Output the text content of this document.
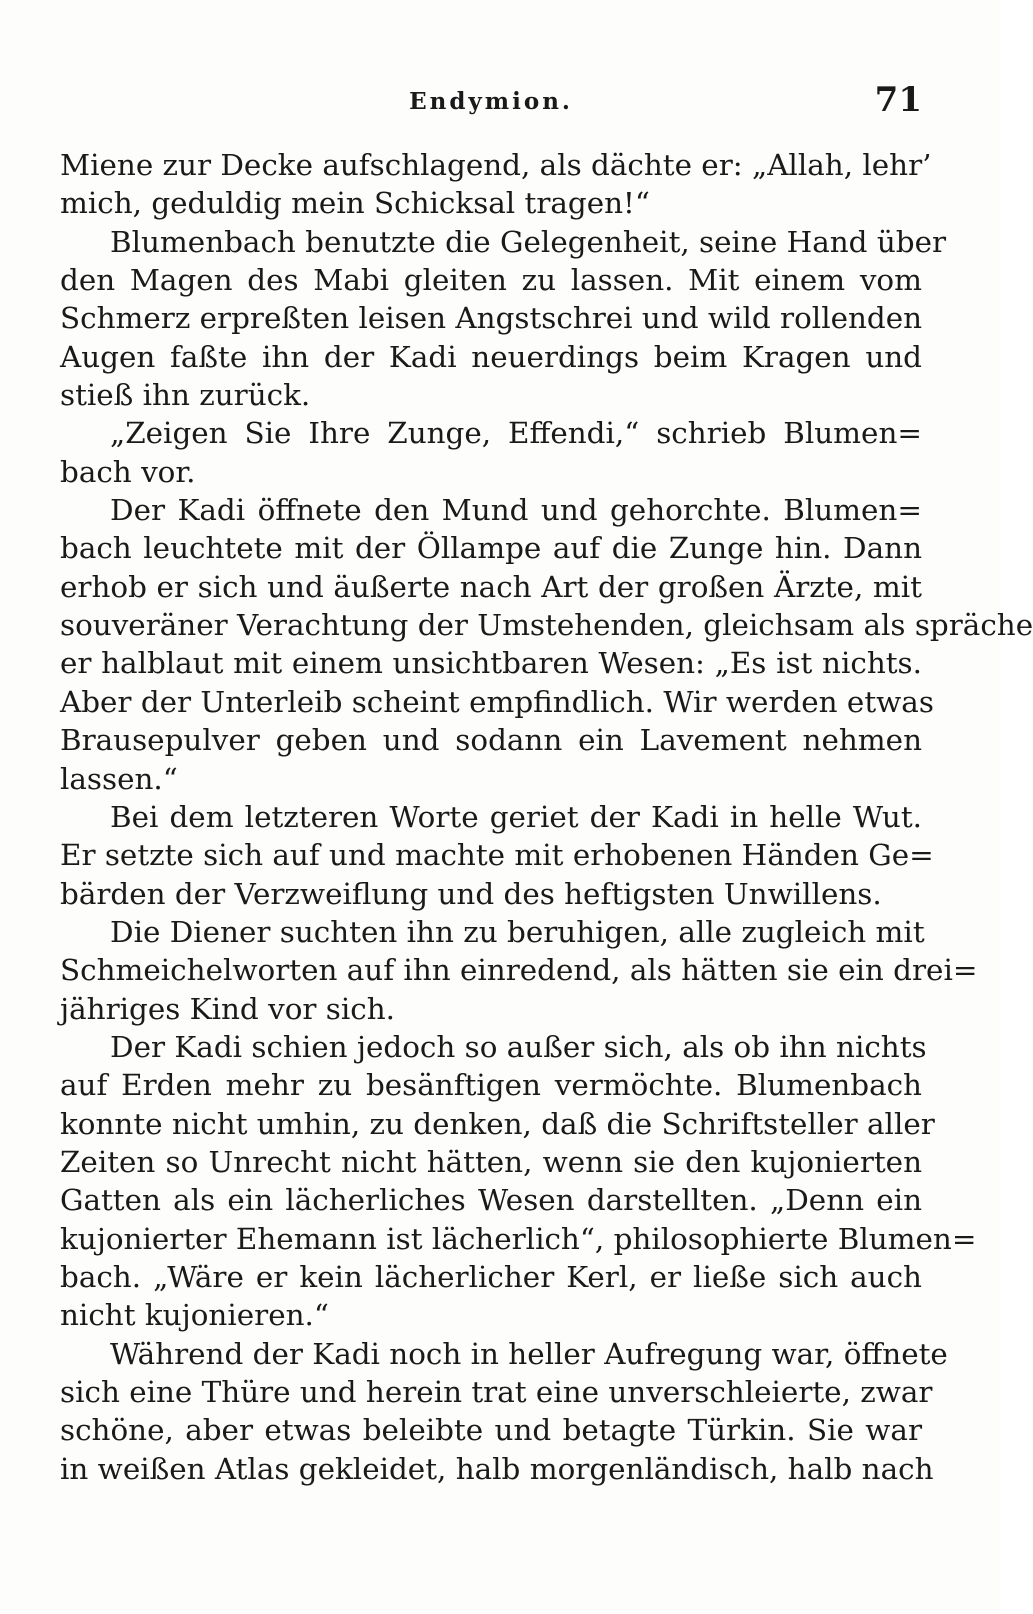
Endymion.	71
Miene zur Decke aufschlagend, als dächte er: „Allah, lehr’
mich, geduldig mein Schicksal tragen!“
Blumenbach benutzte die Gelegenheit, seine Hand über
den Magen des Mabi gleiten zu lassen. Mit einem vom
Schmerz erpreßten leisen Angstschrei und wild rollenden
Augen faßte ihn der Kadi neuerdings beim Kragen und
stieß ihn zurück.
„Zeigen Sie Ihre Zunge, Effendi,“ schrieb Blumen=
bach vor.
Der Kadi öffnete den Mund und gehorchte. Blumen=
bach leuchtete mit der Öllampe auf die Zunge hin. Dann
erhob er sich und äußerte nach Art der großen Ärzte, mit
souveräner Verachtung der Umstehenden, gleichsam als spräche
er halblaut mit einem unsichtbaren Wesen: „Es ist nichts.
Aber der Unterleib scheint empfindlich. Wir werden etwas
Brausepulver geben und sodann ein Lavement nehmen
lassen.“
Bei dem letzteren Worte geriet der Kadi in helle Wut.
Er setzte sich auf und machte mit erhobenen Händen Ge=
bärden der Verzweiflung und des heftigsten Unwillens.
Die Diener suchten ihn zu beruhigen, alle zugleich mit
Schmeichelworten auf ihn einredend, als hätten sie ein drei=
jähriges Kind vor sich.
Der Kadi schien jedoch so außer sich, als ob ihn nichts
auf Erden mehr zu besänftigen vermöchte. Blumenbach
konnte nicht umhin, zu denken, daß die Schriftsteller aller
Zeiten so Unrecht nicht hätten, wenn sie den kujonierten
Gatten als ein lächerliches Wesen darstellten. „Denn ein
kujonierter Ehemann ist lächerlich“, philosophierte Blumen=
bach. „Wäre er kein lächerlicher Kerl, er ließe sich auch
nicht kujonieren.“
Während der Kadi noch in heller Aufregung war, öffnete
sich eine Thüre und herein trat eine unverschleierte, zwar
schöne, aber etwas beleibte und betagte Türkin. Sie war
in weißen Atlas gekleidet, halb morgenländisch, halb nach
